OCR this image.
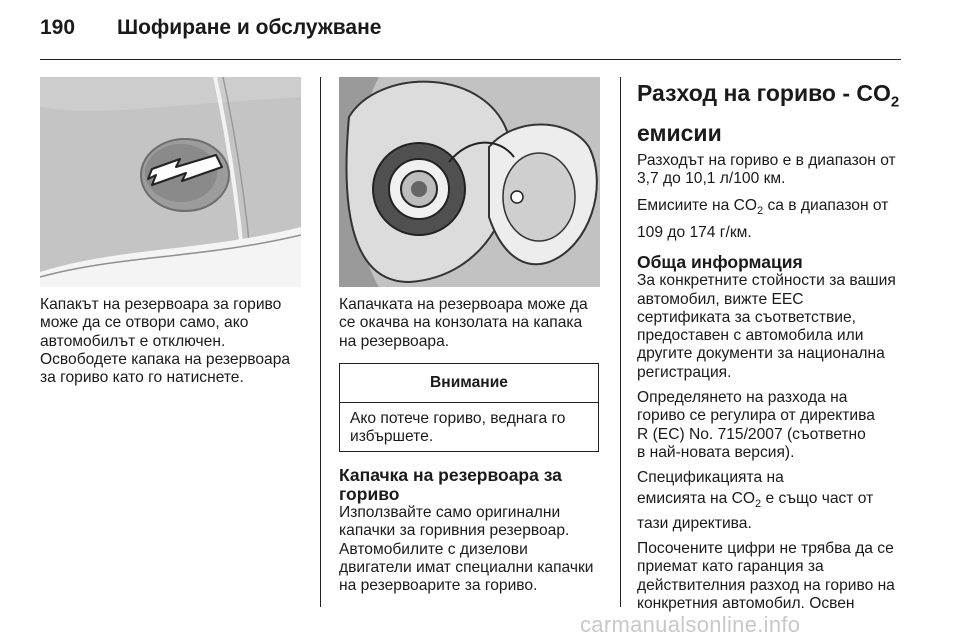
190 Шофиране и обслужване

Капакът на резервоара за гориво

може да се отвори само, ако

автомобилът е отключен.

Освободете капака на резервоара

за гориво като го натиснете.

Капачката на резервоара може да

се окачва на конзолата на капака

на резервоара.

Внимание
Ако потече гориво, веднага го
избършете.

Капачка на резервоара за

гориво

Използвайте само оригинални

капачки за горивния резервоар.

Автомобилите с дизелови

двигатели имат специални капачки

на резервоарите за гориво.

Разход на гориво - $CO_2$

емисии

Разходът на гориво е в диапазон от
3,7 до 10,1 л/100 км.
Емисиите на $CO_2$ са в диапазон от
109 до 174 г/км.

Обща информация

За конкретните стойности за вашия
автомобил, вижте EEC
сертификата за съответствие,
предоставен с автомобила или
другите документи за национална
регистрация.
Определянето на разхода на
гориво се регулира от директива
R (EC) No. 715/2007 (съответно
в най-новата версия).
Спецификацията на
емисията на $CO_2$ е също част от
тази директива.
Посочените цифри не трябва да се
приемат като гаранция за
действителния разход на гориво на
конкретния автомобил. Освен
carmanualsonline.info
